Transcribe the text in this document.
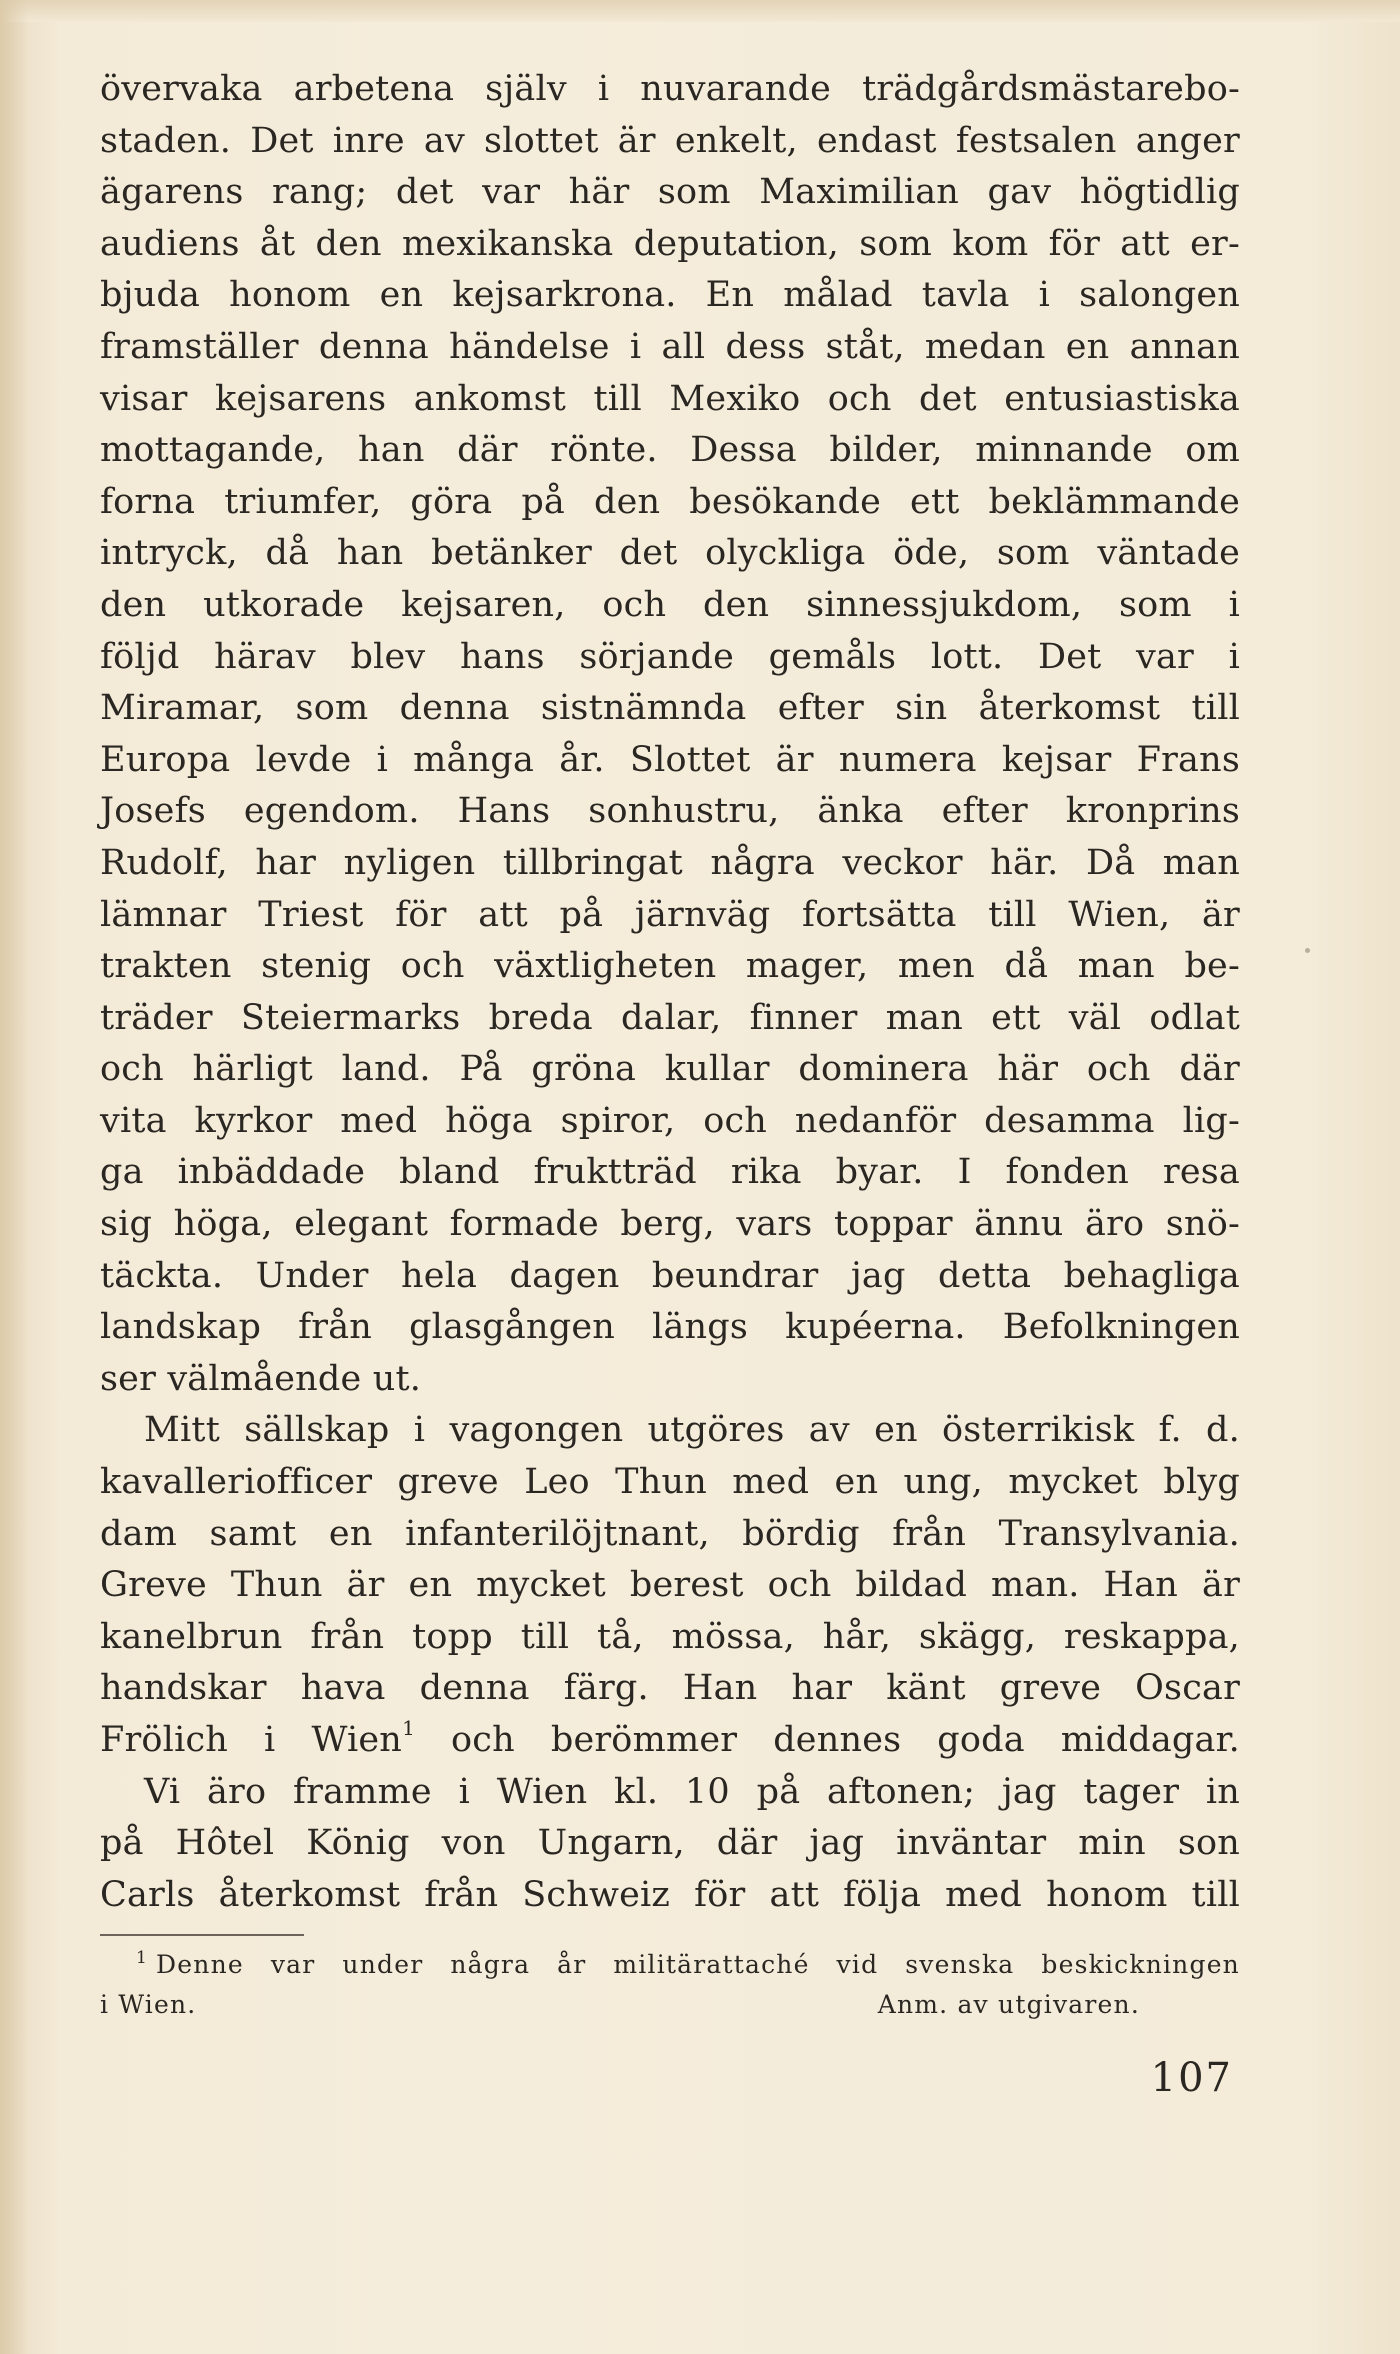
övervaka arbetena själv i nuvarande trädgårdsmästarebo-
staden. Det inre av slottet är enkelt, endast festsalen anger
ägarens rang; det var här som Maximilian gav högtidlig
audiens åt den mexikanska deputation, som kom för att er-
bjuda honom en kejsarkrona. En målad tavla i salongen
framställer denna händelse i all dess ståt, medan en annan
visar kejsarens ankomst till Mexiko och det entusiastiska
mottagande, han där rönte. Dessa bilder, minnande om
forna triumfer, göra på den besökande ett beklämmande
intryck, då han betänker det olyckliga öde, som väntade
den utkorade kejsaren, och den sinnessjukdom, som i
följd härav blev hans sörjande gemåls lott. Det var i
Miramar, som denna sistnämnda efter sin återkomst till
Europa levde i många år. Slottet är numera kejsar Frans
Josefs egendom. Hans sonhustru, änka efter kronprins
Rudolf, har nyligen tillbringat några veckor här. Då man
lämnar Triest för att på järnväg fortsätta till Wien, är
trakten stenig och växtligheten mager, men då man be-
träder Steiermarks breda dalar, finner man ett väl odlat
och härligt land. På gröna kullar dominera här och där
vita kyrkor med höga spiror, och nedanför desamma lig-
ga inbäddade bland fruktträd rika byar. I fonden resa
sig höga, elegant formade berg, vars toppar ännu äro snö-
täckta. Under hela dagen beundrar jag detta behagliga
landskap från glasgången längs kupéerna. Befolkningen
ser välmående ut.
Mitt sällskap i vagongen utgöres av en österrikisk f. d.
kavalleriofficer greve Leo Thun med en ung, mycket blyg
dam samt en infanterilöjtnant, bördig från Transylvania.
Greve Thun är en mycket berest och bildad man. Han är
kanelbrun från topp till tå, mössa, hår, skägg, reskappa,
handskar hava denna färg. Han har känt greve Oscar
Frölich i Wien$^1$ och berömmer dennes goda middagar.
Vi äro framme i Wien kl. 10 på aftonen; jag tager in
på Hôtel König von Ungarn, där jag inväntar min son
Carls återkomst från Schweiz för att följa med honom till
$^1$ Denne var under några år militärattaché vid svenska beskickningen
i Wien.	Anm. av utgivaren.
107
